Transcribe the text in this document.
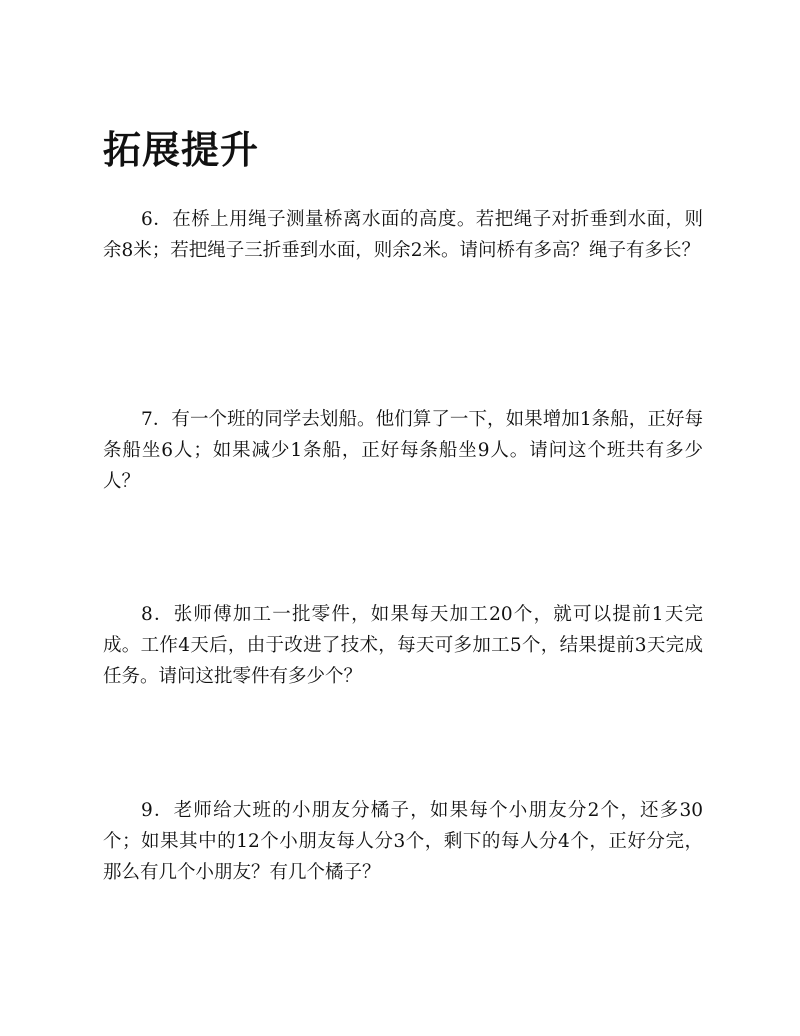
拓展提升

6．在桥上用绳子测量桥离水面的高度。若把绳子对折垂到水面，则余8米；若把绳子三折垂到水面，则余2米。请问桥有多高？绳子有多长？

7．有一个班的同学去划船。他们算了一下，如果增加1条船，正好每条船坐6人；如果减少1条船，正好每条船坐9人。请问这个班共有多少人？

8．张师傅加工一批零件，如果每天加工20个，就可以提前1天完成。工作4天后，由于改进了技术，每天可多加工5个，结果提前3天完成任务。请问这批零件有多少个？

9．老师给大班的小朋友分橘子，如果每个小朋友分2个，还多30个；如果其中的12个小朋友每人分3个，剩下的每人分4个，正好分完，那么有几个小朋友？有几个橘子？
